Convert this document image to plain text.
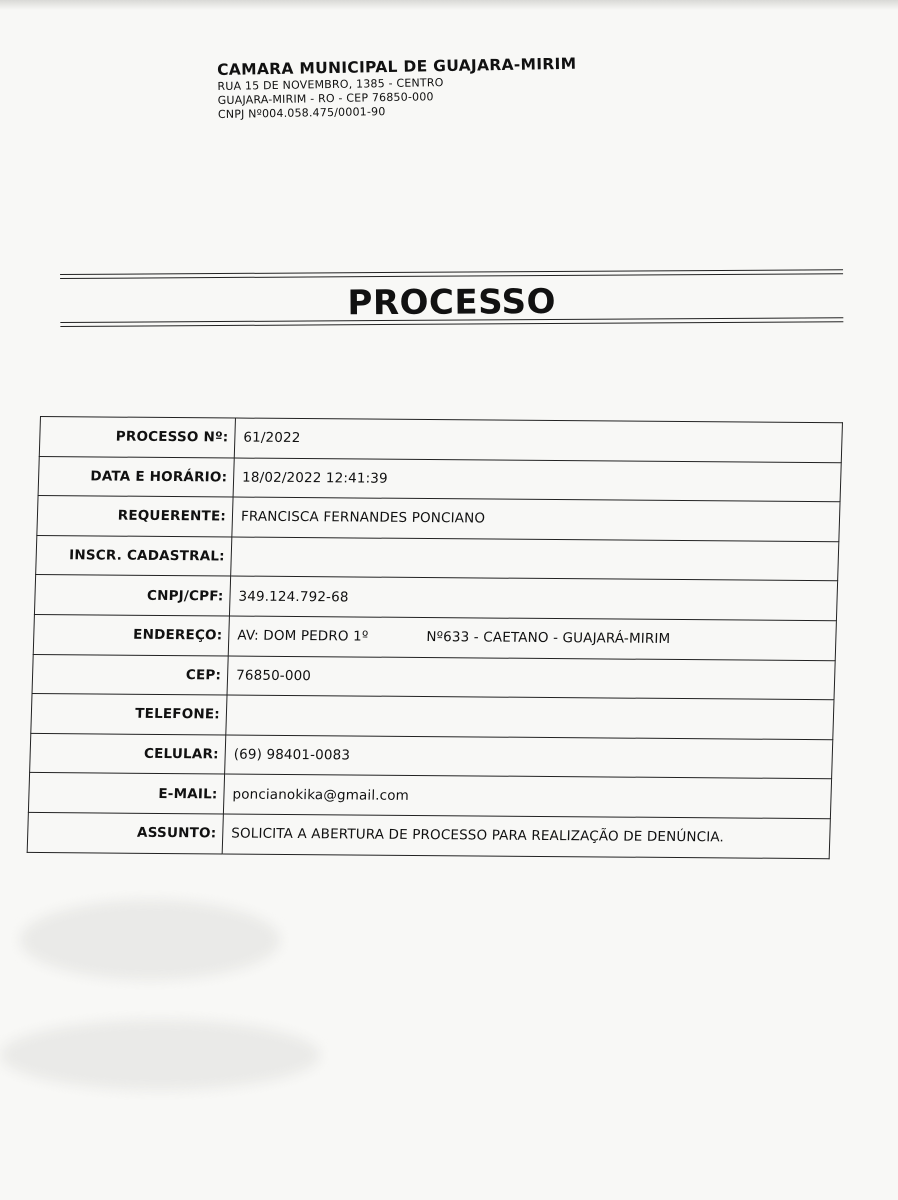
CAMARA MUNICIPAL DE GUAJARA-MIRIM
RUA 15 DE NOVEMBRO, 1385 - CENTRO
GUAJARA-MIRIM - RO - CEP 76850-000
CNPJ Nº004.058.475/0001-90
PROCESSO
PROCESSO Nº:	61/2022
DATA E HORÁRIO:	18/02/2022 12:41:39
REQUERENTE:	FRANCISCA FERNANDES PONCIANO
INSCR. CADASTRAL:	
CNPJ/CPF:	349.124.792-68
ENDEREÇO:	AV: DOM PEDRO 1º Nº633 - CAETANO - GUAJARÁ-MIRIM
CEP:	76850-000
TELEFONE:	
CELULAR:	(69) 98401-0083
E-MAIL:	poncianokika@gmail.com
ASSUNTO:	SOLICITA A ABERTURA DE PROCESSO PARA REALIZAÇÃO DE DENÚNCIA.
